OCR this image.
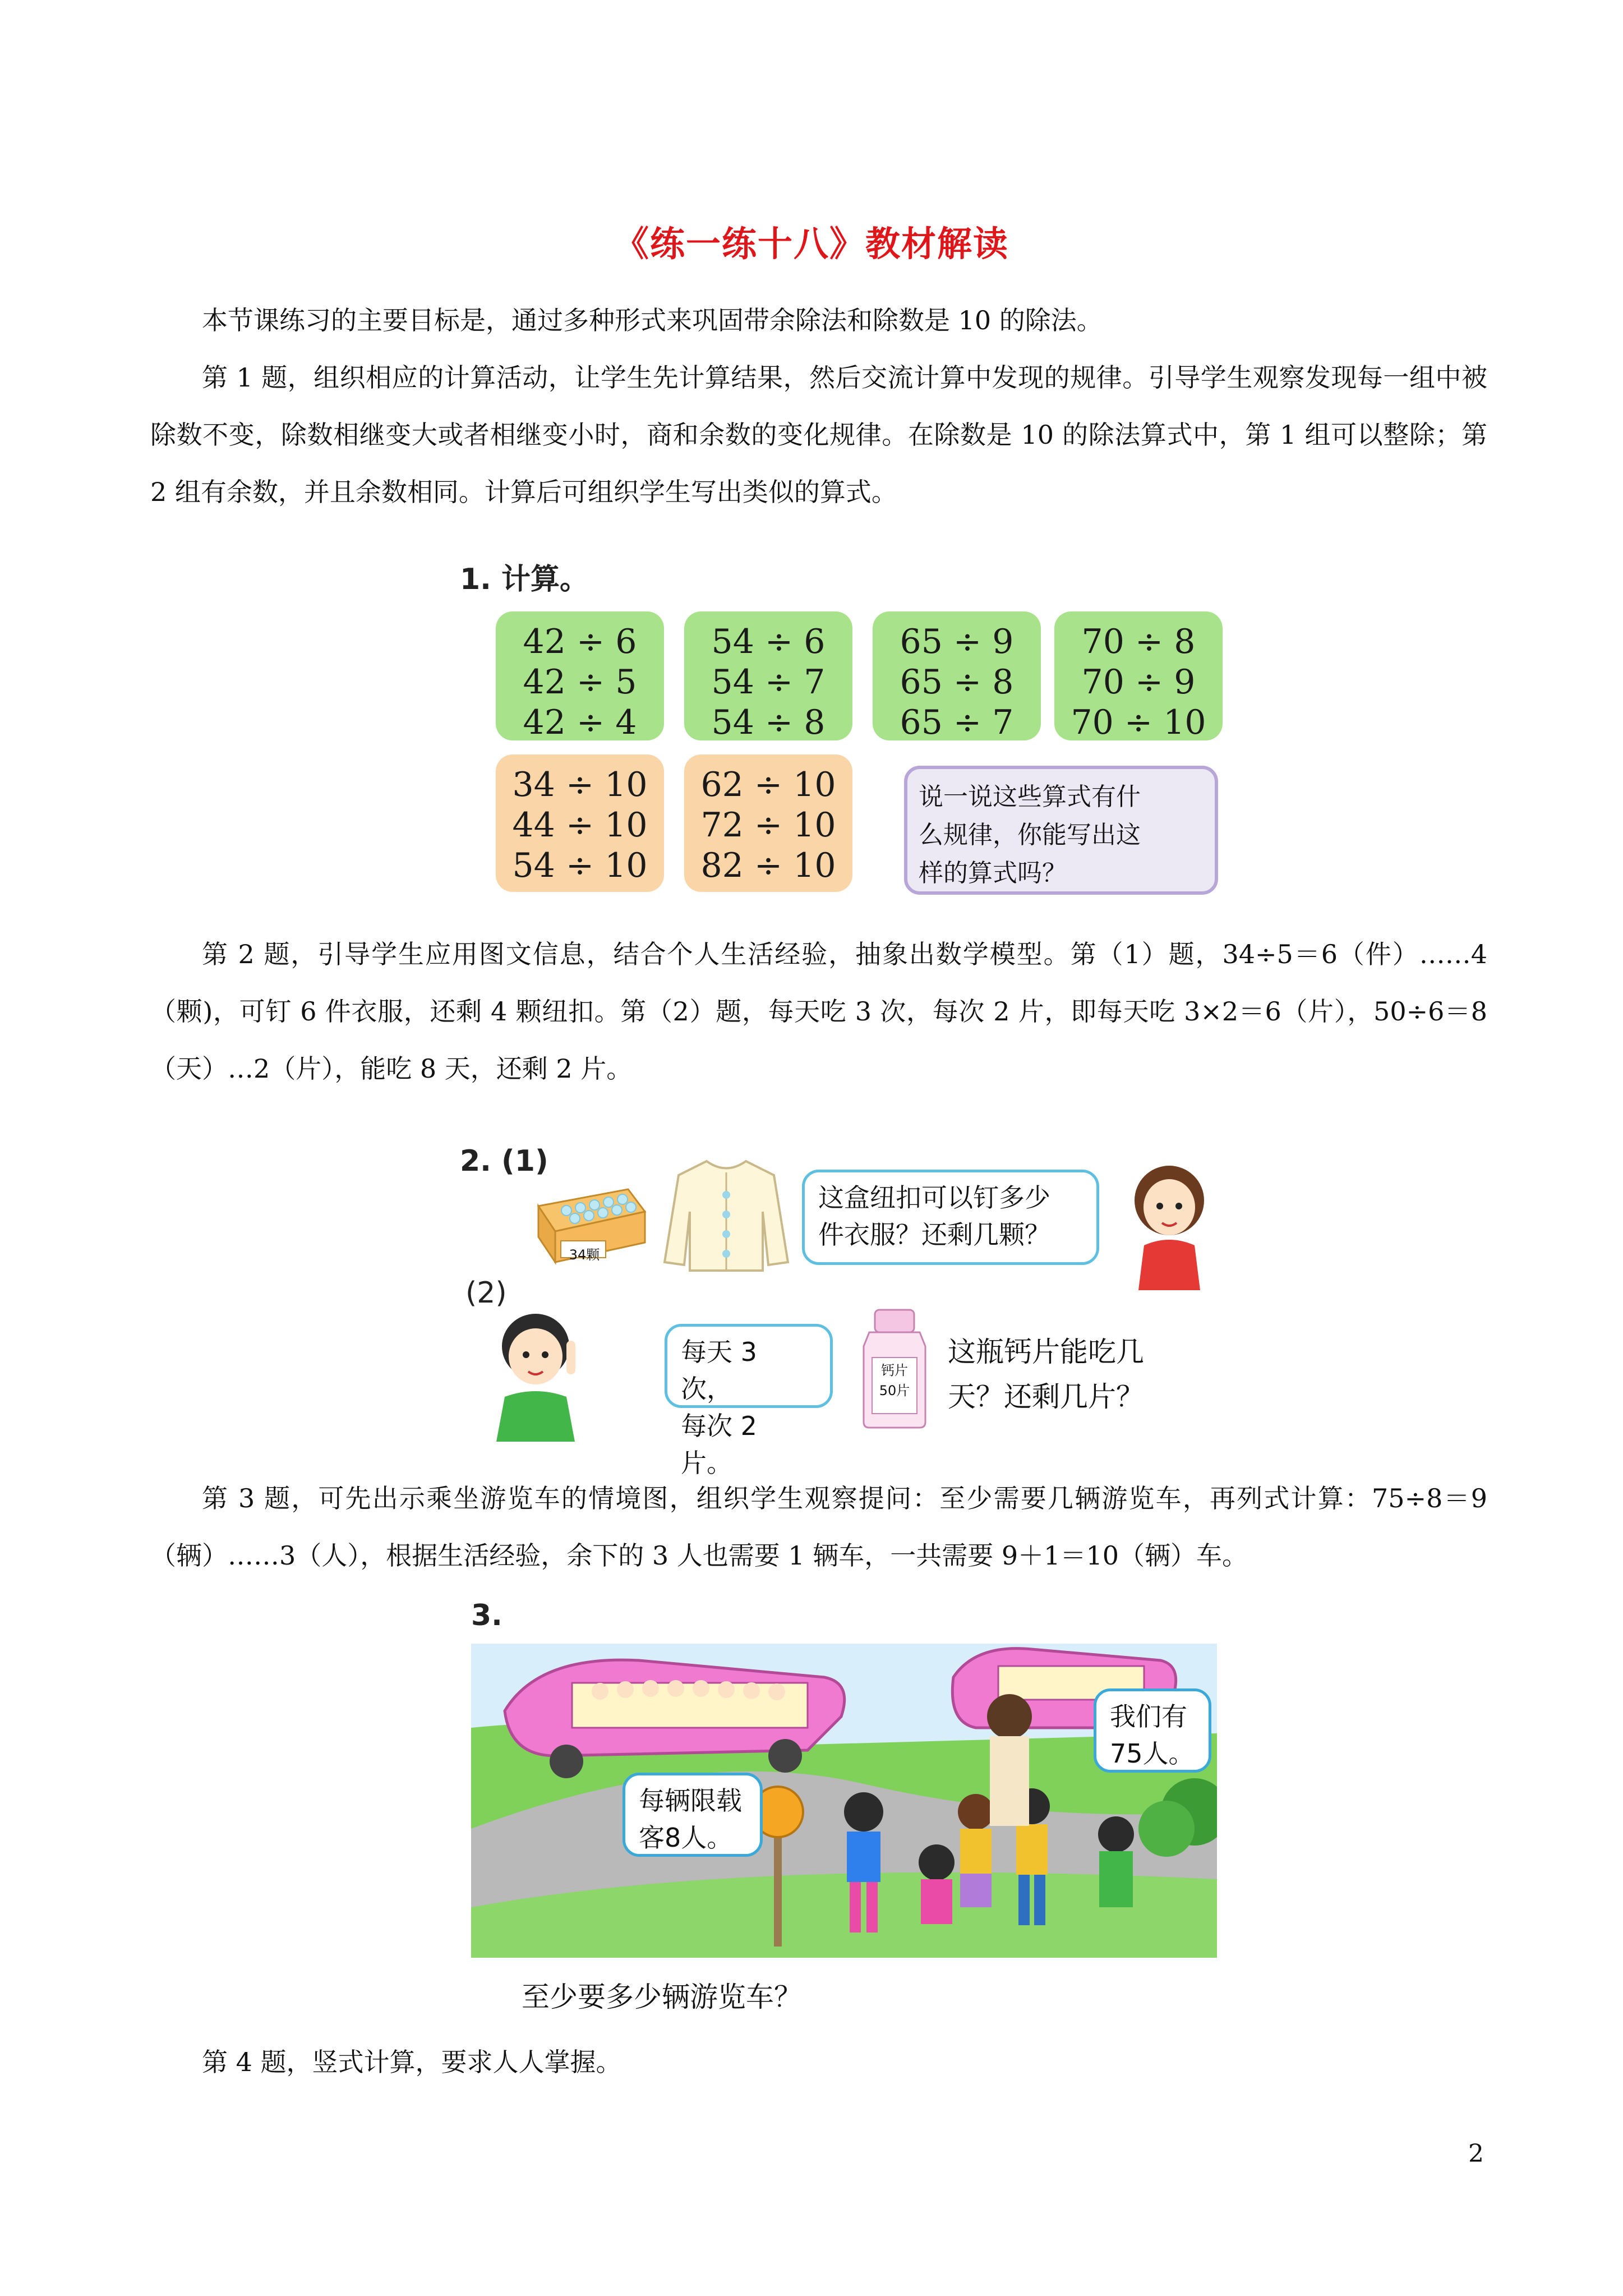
《练一练十八》教材解读

本节课练习的主要目标是，通过多种形式来巩固带余除法和除数是 10 的除法。

第 1 题，组织相应的计算活动，让学生先计算结果，然后交流计算中发现的规律。引导学生观察发现每一组中被除数不变，除数相继变大或者相继变小时，商和余数的变化规律。在除数是 10 的除法算式中，第 1 组可以整除；第 2 组有余数，并且余数相同。计算后可组织学生写出类似的算式。

1. 计算。
42 ÷ 6
42 ÷ 5
42 ÷ 4
54 ÷ 6
54 ÷ 7
54 ÷ 8
65 ÷ 9
65 ÷ 8
65 ÷ 7
70 ÷ 8
70 ÷ 9
70 ÷ 10
34 ÷ 10
44 ÷ 10
54 ÷ 10
62 ÷ 10
72 ÷ 10
82 ÷ 10
说一说这些算式有什
么规律，你能写出这
样的算式吗？

第 2 题，引导学生应用图文信息，结合个人生活经验，抽象出数学模型。第（1）题，34÷5＝6（件）……4（颗)，可钉 6 件衣服，还剩 4 颗纽扣。第（2）题，每天吃 3 次，每次 2 片，即每天吃 3×2＝6（片），50÷6＝8（天）…2（片），能吃 8 天，还剩 2 片。

2. (1)
34颗
这盒纽扣可以钉多少
件衣服？还剩几颗？
(2)
每天 3 次，
每次 2 片。
钙片
50片
这瓶钙片能吃几
天？还剩几片？

第 3 题，可先出示乘坐游览车的情境图，组织学生观察提问：至少需要几辆游览车，再列式计算：75÷8＝9（辆）……3（人），根据生活经验，余下的 3 人也需要 1 辆车，一共需要 9＋1＝10（辆）车。

3.
每辆限载
客8人。
我们有
75人。
至少要多少辆游览车？

第 4 题，竖式计算，要求人人掌握。

2
